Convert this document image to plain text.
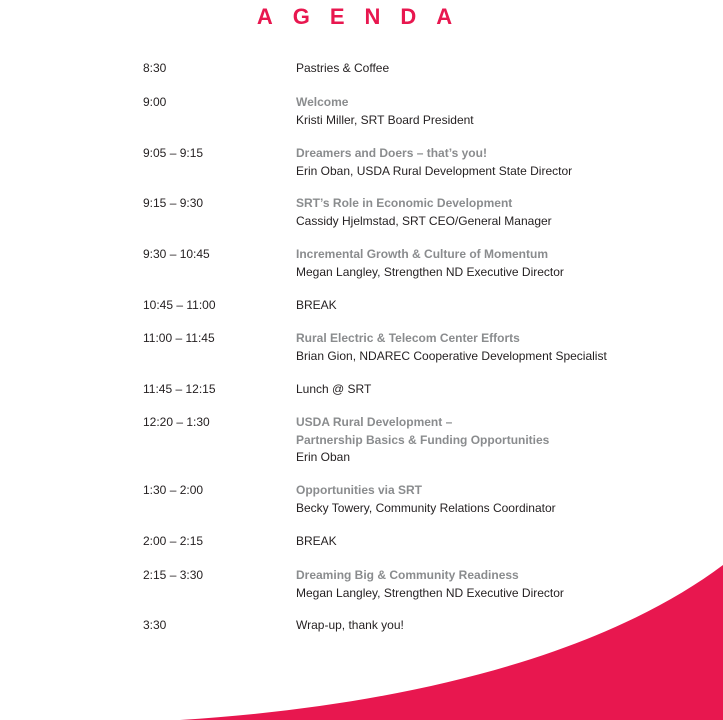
AGENDA
8:30	Pastries & Coffee
9:00	Welcome
Kristi Miller, SRT Board President
9:05 – 9:15	Dreamers and Doers – that’s you!
Erin Oban, USDA Rural Development State Director
9:15 – 9:30	SRT’s Role in Economic Development
Cassidy Hjelmstad, SRT CEO/General Manager
9:30 – 10:45	Incremental Growth & Culture of Momentum
Megan Langley, Strengthen ND Executive Director
10:45 – 11:00	BREAK
11:00 – 11:45	Rural Electric & Telecom Center Efforts
Brian Gion, NDAREC Cooperative Development Specialist
11:45 – 12:15	Lunch @ SRT
12:20 – 1:30	USDA Rural Development –
Partnership Basics & Funding Opportunities
Erin Oban
1:30 – 2:00	Opportunities via SRT
Becky Towery, Community Relations Coordinator
2:00 – 2:15	BREAK
2:15 – 3:30	Dreaming Big & Community Readiness
Megan Langley, Strengthen ND Executive Director
3:30	Wrap-up, thank you!
